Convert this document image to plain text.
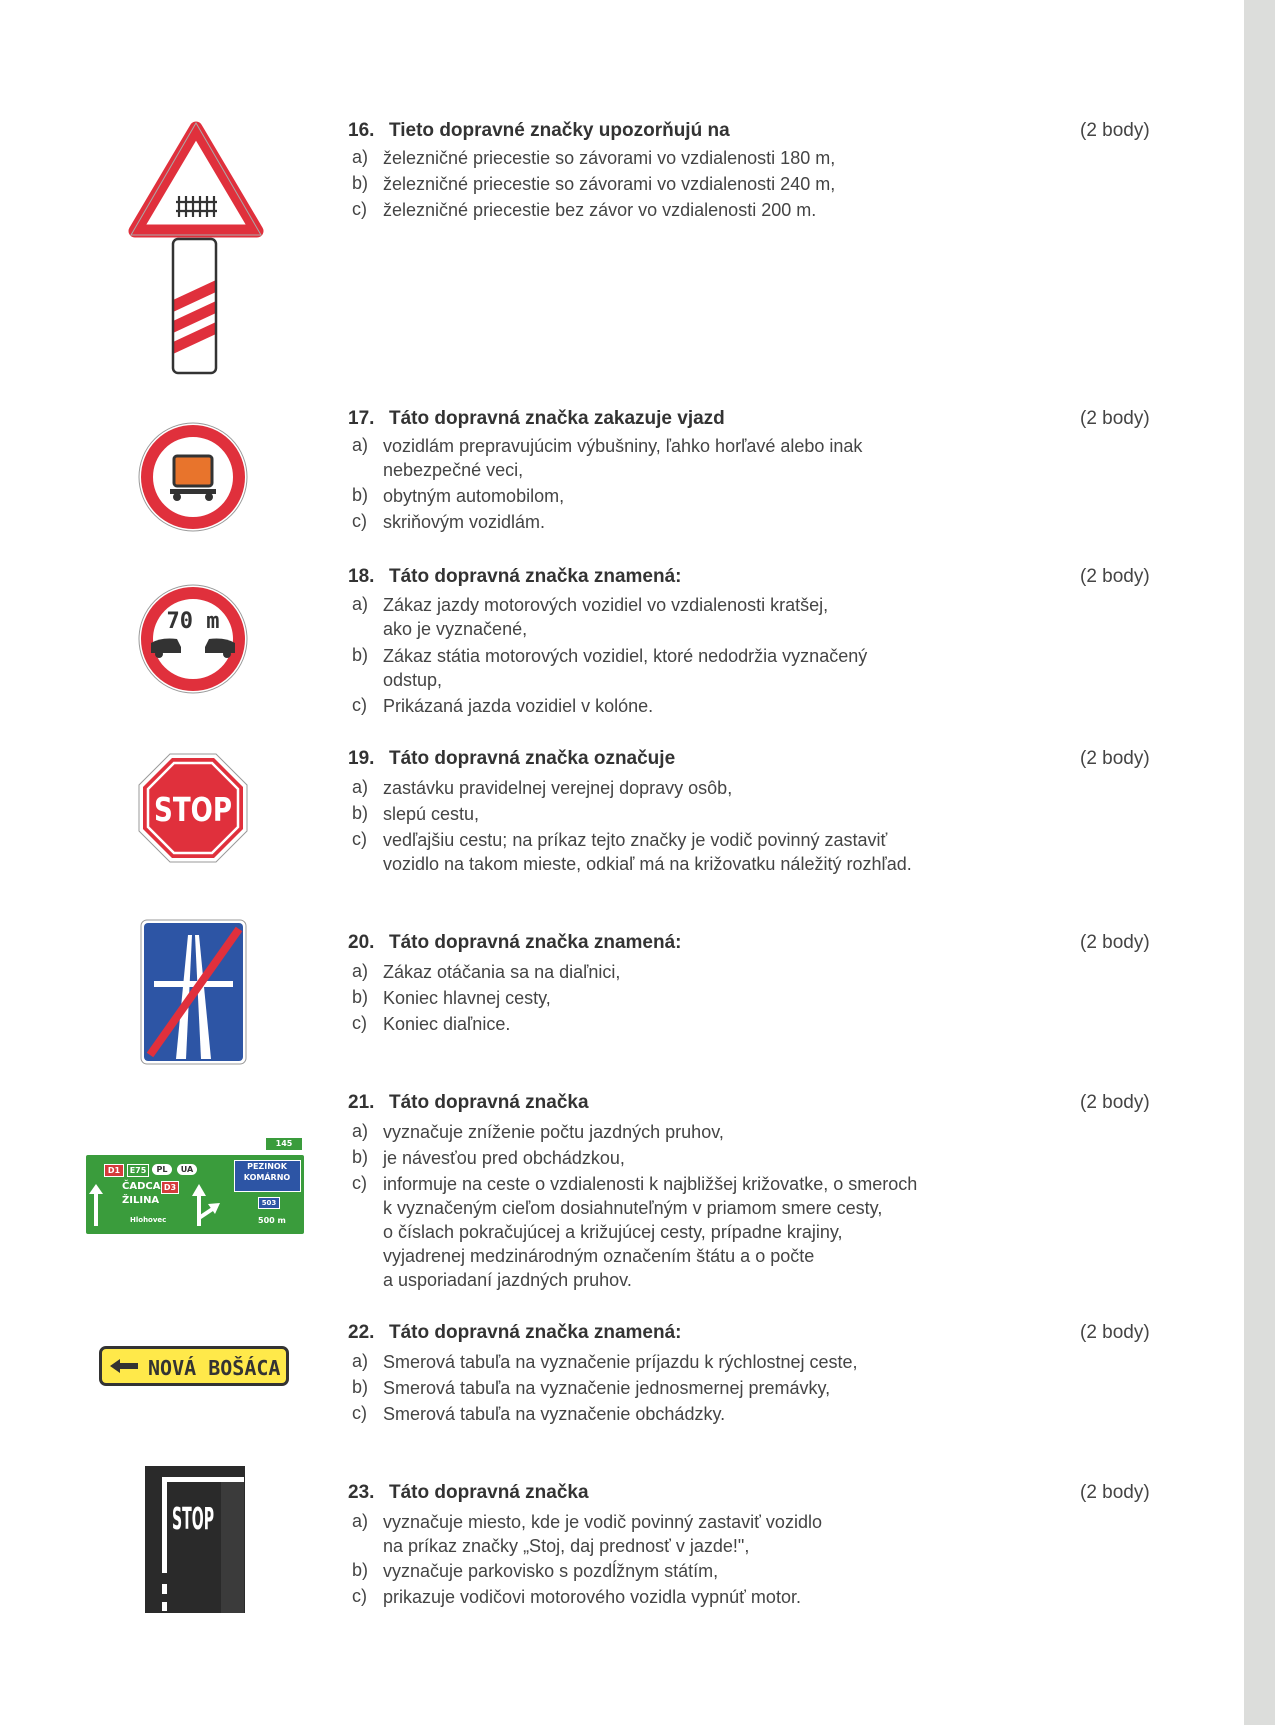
70 m
STOP
145
D1	E75	PL	UA
ČADCA D3
ŽILINA
Hlohovec
PEZINOK
KOMÁRNO
503
500 m
NOVÁ BOŠÁCA
STOP
16. Tieto dopravné značky upozorňujú na	(2 body)
a) železničné priecestie so závorami vo vzdialenosti 180 m,
b) železničné priecestie so závorami vo vzdialenosti 240 m,
c) železničné priecestie bez závor vo vzdialenosti 200 m.
17. Táto dopravná značka zakazuje vjazd	(2 body)
a) vozidlám prepravujúcim výbušniny, ľahko horľavé alebo inak
nebezpečné veci,
b) obytným automobilom,
c) skriňovým vozidlám.
18. Táto dopravná značka znamená:	(2 body)
a) Zákaz jazdy motorových vozidiel vo vzdialenosti kratšej,
ako je vyznačené,
b) Zákaz státia motorových vozidiel, ktoré nedodržia vyznačený
odstup,
c) Prikázaná jazda vozidiel v kolóne.
19. Táto dopravná značka označuje	(2 body)
a) zastávku pravidelnej verejnej dopravy osôb,
b) slepú cestu,
c) vedľajšiu cestu; na príkaz tejto značky je vodič povinný zastaviť
vozidlo na takom mieste, odkiaľ má na križovatku náležitý rozhľad.
20. Táto dopravná značka znamená:	(2 body)
a) Zákaz otáčania sa na diaľnici,
b) Koniec hlavnej cesty,
c) Koniec diaľnice.
21. Táto dopravná značka	(2 body)
a) vyznačuje zníženie počtu jazdných pruhov,
b) je návesťou pred obchádzkou,
c) informuje na ceste o vzdialenosti k najbližšej križovatke, o smeroch
k vyznačeným cieľom dosiahnuteľným v priamom smere cesty,
o číslach pokračujúcej a križujúcej cesty, prípadne krajiny,
vyjadrenej medzinárodným označením štátu a o počte
a usporiadaní jazdných pruhov.
22. Táto dopravná značka znamená:	(2 body)
a) Smerová tabuľa na vyznačenie príjazdu k rýchlostnej ceste,
b) Smerová tabuľa na vyznačenie jednosmernej premávky,
c) Smerová tabuľa na vyznačenie obchádzky.
23. Táto dopravná značka	(2 body)
a) vyznačuje miesto, kde je vodič povinný zastaviť vozidlo
na príkaz značky „Stoj, daj prednosť v jazde!",
b) vyznačuje parkovisko s pozdĺžnym státím,
c) prikazuje vodičovi motorového vozidla vypnúť motor.
